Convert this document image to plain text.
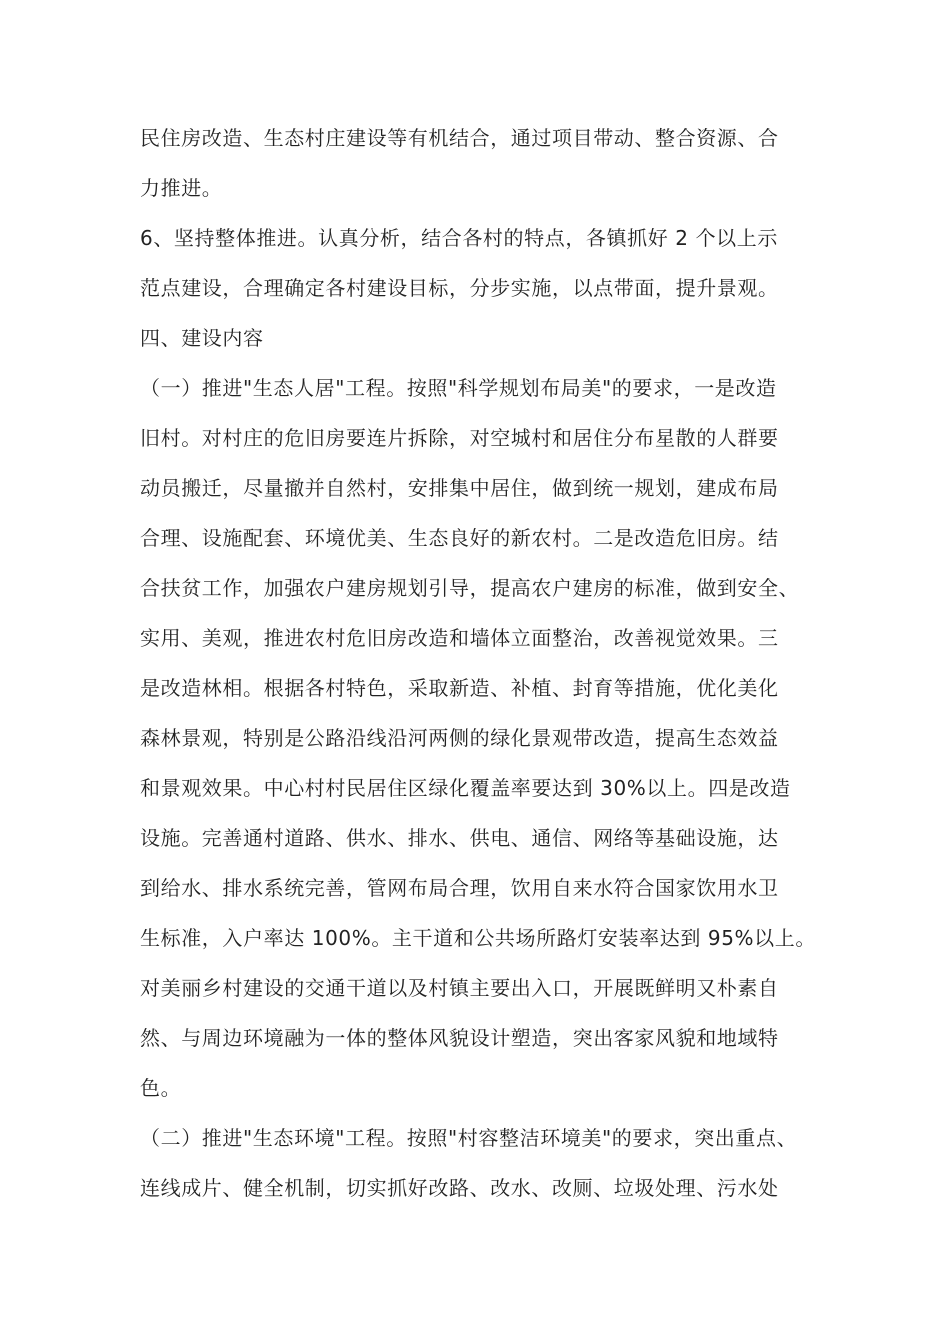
民住房改造、生态村庄建设等有机结合，通过项目带动、整合资源、合
力推进。
6、坚持整体推进。认真分析，结合各村的特点，各镇抓好 2 个以上示
范点建设，合理确定各村建设目标，分步实施，以点带面，提升景观。
四、建设内容
（一）推进"生态人居"工程。按照"科学规划布局美"的要求，一是改造
旧村。对村庄的危旧房要连片拆除，对空城村和居住分布星散的人群要
动员搬迁，尽量撤并自然村，安排集中居住，做到统一规划，建成布局
合理、设施配套、环境优美、生态良好的新农村。二是改造危旧房。结
合扶贫工作，加强农户建房规划引导，提高农户建房的标准，做到安全、
实用、美观，推进农村危旧房改造和墙体立面整治，改善视觉效果。三
是改造林相。根据各村特色，采取新造、补植、封育等措施，优化美化
森林景观，特别是公路沿线沿河两侧的绿化景观带改造，提高生态效益
和景观效果。中心村村民居住区绿化覆盖率要达到 30%以上。四是改造
设施。完善通村道路、供水、排水、供电、通信、网络等基础设施，达
到给水、排水系统完善，管网布局合理，饮用自来水符合国家饮用水卫
生标准，入户率达 100%。主干道和公共场所路灯安装率达到 95%以上。
对美丽乡村建设的交通干道以及村镇主要出入口，开展既鲜明又朴素自
然、与周边环境融为一体的整体风貌设计塑造，突出客家风貌和地域特
色。
（二）推进"生态环境"工程。按照"村容整洁环境美"的要求，突出重点、
连线成片、健全机制，切实抓好改路、改水、改厕、垃圾处理、污水处
